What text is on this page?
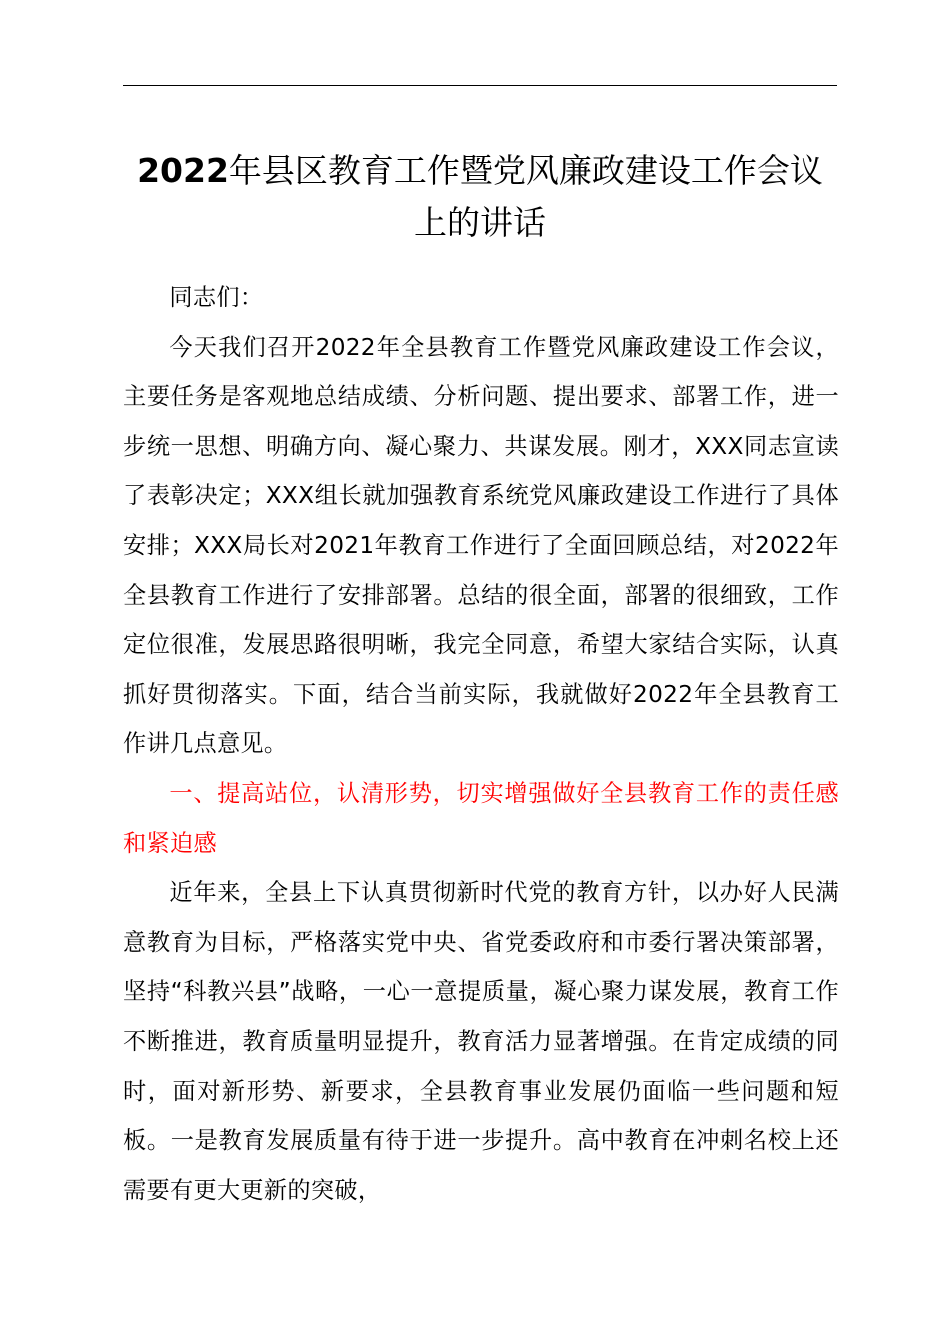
2022年县区教育工作暨党风廉政建设工作会议上的讲话

同志们：

今天我们召开2022年全县教育工作暨党风廉政建设工作会议，主要任务是客观地总结成绩、分析问题、提出要求、部署工作，进一步统一思想、明确方向、凝心聚力、共谋发展。刚才，XXX同志宣读了表彰决定；XXX组长就加强教育系统党风廉政建设工作进行了具体安排；XXX局长对2021年教育工作进行了全面回顾总结，对2022年全县教育工作进行了安排部署。总结的很全面，部署的很细致，工作定位很准，发展思路很明晰，我完全同意，希望大家结合实际，认真抓好贯彻落实。下面，结合当前实际，我就做好2022年全县教育工作讲几点意见。

一、提高站位，认清形势，切实增强做好全县教育工作的责任感和紧迫感

近年来，全县上下认真贯彻新时代党的教育方针，以办好人民满意教育为目标，严格落实党中央、省党委政府和市委行署决策部署，坚持“科教兴县”战略，一心一意提质量，凝心聚力谋发展，教育工作不断推进，教育质量明显提升，教育活力显著增强。在肯定成绩的同时，面对新形势、新要求，全县教育事业发展仍面临一些问题和短板。一是教育发展质量有待于进一步提升。高中教育在冲刺名校上还需要有更大更新的突破，
